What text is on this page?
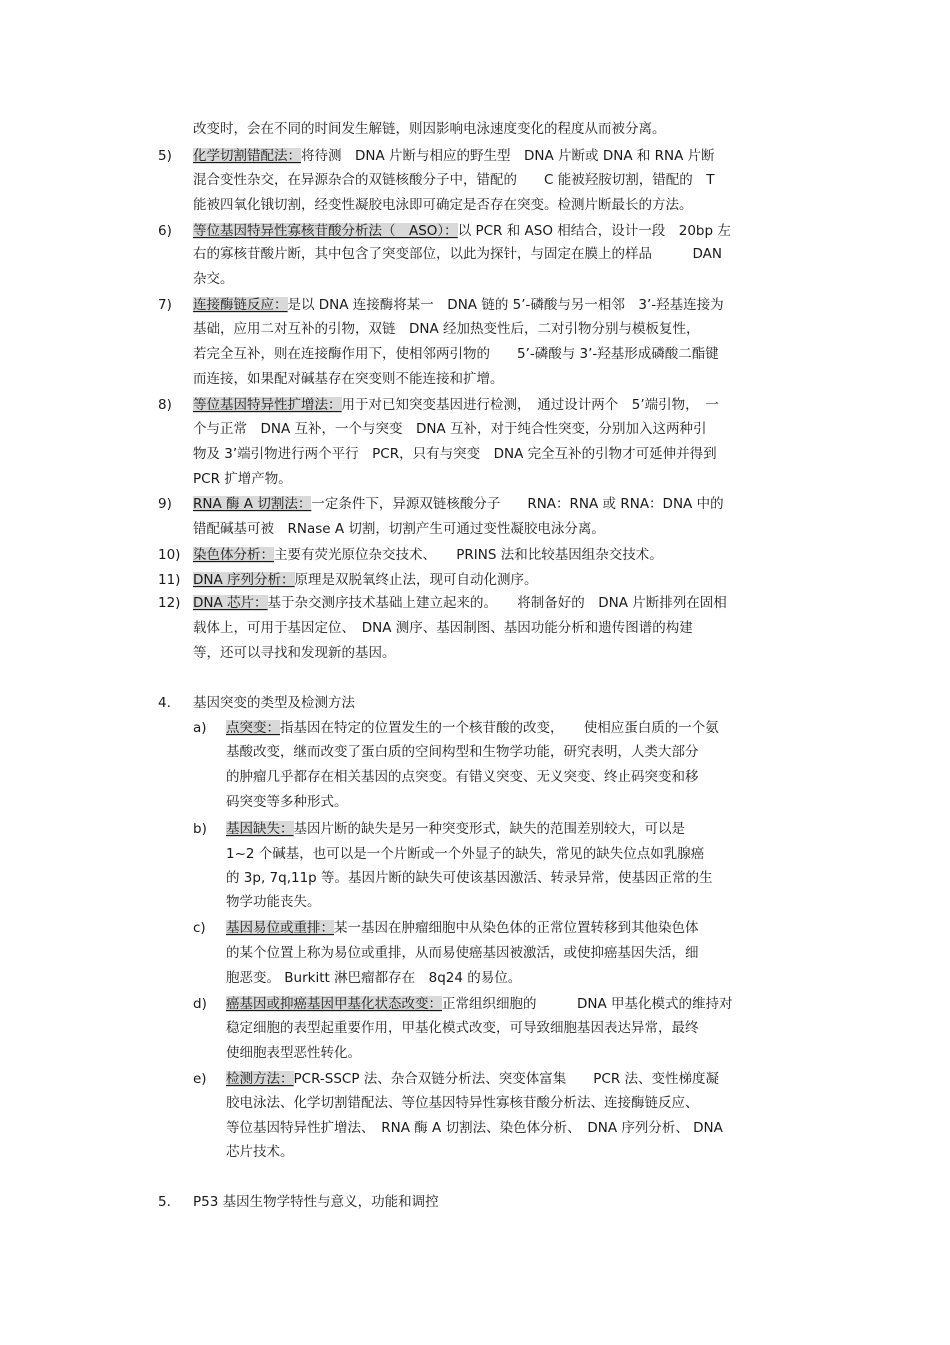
5)
6)
7)
8)
9)
10)
11)
12)
4.
a)
b)
c)
d)
e)
5.
改变时，会在不同的时间发生解链，则因影响电泳速度变化的程度从而被分离。
化学切割错配法：将待测　DNA 片断与相应的野生型　DNA 片断或 DNA 和 RNA 片断
混合变性杂交，在异源杂合的双链核酸分子中，错配的　　C 能被羟胺切割，错配的　T
能被四氧化锇切割，经变性凝胶电泳即可确定是否存在突变。检测片断最长的方法。
等位基因特异性寡核苷酸分析法（　ASO）：以 PCR 和 ASO 相结合，设计一段　20bp 左
右的寡核苷酸片断，其中包含了突变部位，以此为探针，与固定在膜上的样品　　　DAN
杂交。
连接酶链反应：是以 DNA 连接酶将某一　DNA 链的 5’-磷酸与另一相邻　3’-羟基连接为
基础，应用二对互补的引物，双链　DNA 经加热变性后，二对引物分别与模板复性，
若完全互补，则在连接酶作用下，使相邻两引物的　　5’-磷酸与 3’-羟基形成磷酸二酯键
而连接，如果配对碱基存在突变则不能连接和扩增。
等位基因特异性扩增法：用于对已知突变基因进行检测，　通过设计两个　5’端引物，　一
个与正常　DNA 互补，一个与突变　DNA 互补，对于纯合性突变，分别加入这两种引
物及 3’端引物进行两个平行　PCR，只有与突变　DNA 完全互补的引物才可延伸并得到
PCR 扩增产物。
RNA 酶 A 切割法：一定条件下，异源双链核酸分子　　RNA：RNA 或 RNA：DNA 中的
错配碱基可被　RNase A 切割，切割产生可通过变性凝胶电泳分离。
染色体分析：主要有荧光原位杂交技术、　　PRINS 法和比较基因组杂交技术。
DNA 序列分析：原理是双脱氧终止法，现可自动化测序。
DNA 芯片：基于杂交测序技术基础上建立起来的。　　将制备好的　DNA 片断排列在固相
载体上，可用于基因定位、　DNA 测序、基因制图、基因功能分析和遗传图谱的构建
等，还可以寻找和发现新的基因。
基因突变的类型及检测方法
点突变：指基因在特定的位置发生的一个核苷酸的改变，　　使相应蛋白质的一个氨
基酸改变，继而改变了蛋白质的空间构型和生物学功能，研究表明，人类大部分
的肿瘤几乎都存在相关基因的点突变。有错义突变、无义突变、终止码突变和移
码突变等多种形式。
基因缺失：基因片断的缺失是另一种突变形式，缺失的范围差别较大，可以是
1~2 个碱基，也可以是一个片断或一个外显子的缺失，常见的缺失位点如乳腺癌
的 3p, 7q,11p 等。基因片断的缺失可使该基因激活、转录异常，使基因正常的生
物学功能丧失。
基因易位或重排：某一基因在肿瘤细胞中从染色体的正常位置转移到其他染色体
的某个位置上称为易位或重排，从而易使癌基因被激活，或使抑癌基因失活，细
胞恶变。 Burkitt 淋巴瘤都存在　8q24 的易位。
癌基因或抑癌基因甲基化状态改变：正常组织细胞的　　　DNA 甲基化模式的维持对
稳定细胞的表型起重要作用，甲基化模式改变，可导致细胞基因表达异常，最终
使细胞表型恶性转化。
检测方法：PCR-SSCP 法、杂合双链分析法、突变体富集　　PCR 法、变性梯度凝
胶电泳法、化学切割错配法、等位基因特异性寡核苷酸分析法、连接酶链反应、
等位基因特异性扩增法、　RNA 酶 A 切割法、染色体分析、　DNA 序列分析、 DNA
芯片技术。
P53 基因生物学特性与意义，功能和调控
